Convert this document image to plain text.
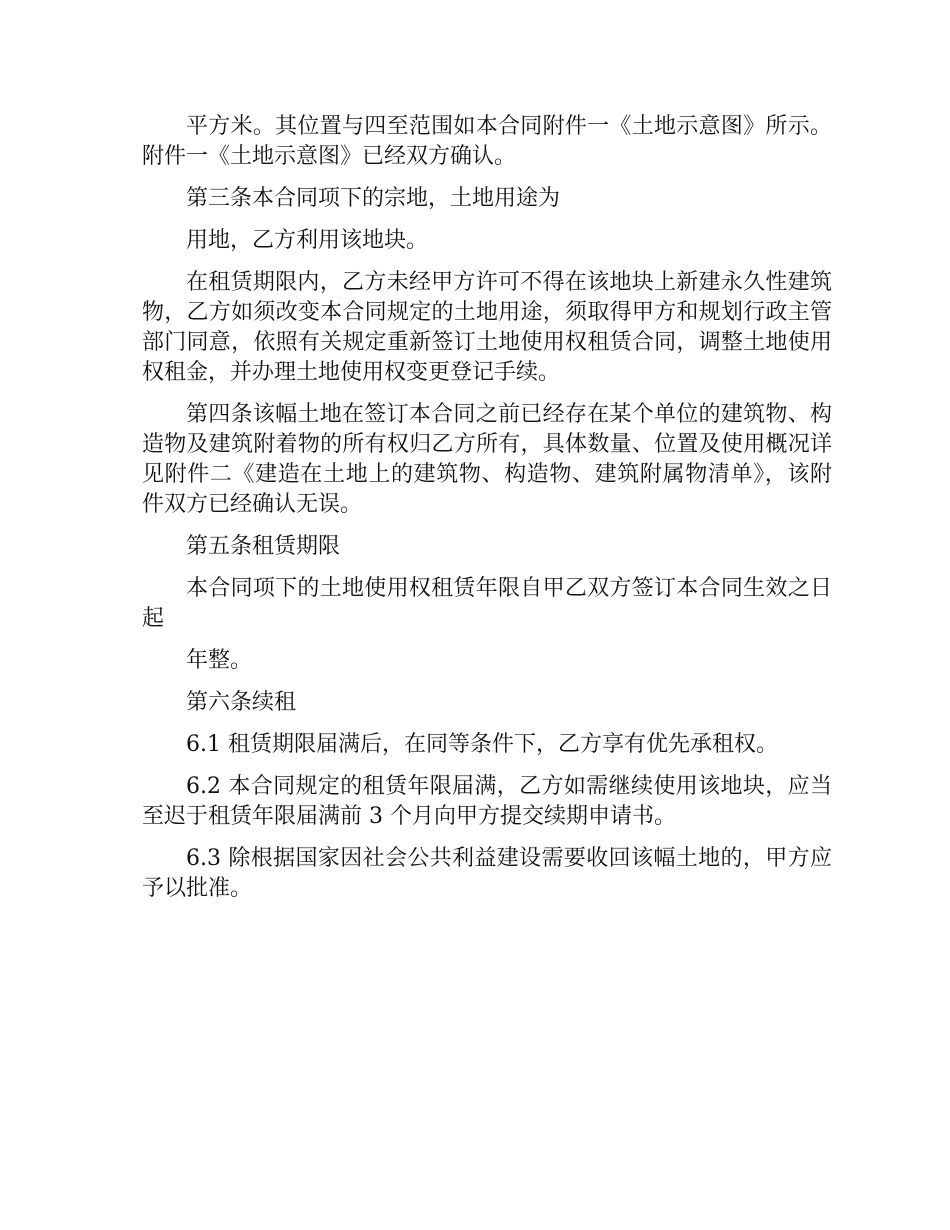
平方米。其位置与四至范围如本合同附件一《土地示意图》所示。附件一《土地示意图》已经双方确认。

第三条本合同项下的宗地，土地用途为

用地，乙方利用该地块。

在租赁期限内，乙方未经甲方许可不得在该地块上新建永久性建筑物，乙方如须改变本合同规定的土地用途，须取得甲方和规划行政主管部门同意，依照有关规定重新签订土地使用权租赁合同，调整土地使用权租金，并办理土地使用权变更登记手续。

第四条该幅土地在签订本合同之前已经存在某个单位的建筑物、构造物及建筑附着物的所有权归乙方所有，具体数量、位置及使用概况详见附件二《建造在土地上的建筑物、构造物、建筑附属物清单》，该附件双方已经确认无误。

第五条租赁期限

本合同项下的土地使用权租赁年限自甲乙双方签订本合同生效之日起

年整。

第六条续租

6.1 租赁期限届满后，在同等条件下，乙方享有优先承租权。

6.2 本合同规定的租赁年限届满，乙方如需继续使用该地块，应当至迟于租赁年限届满前 3 个月向甲方提交续期申请书。

6.3 除根据国家因社会公共利益建设需要收回该幅土地的，甲方应予以批准。
